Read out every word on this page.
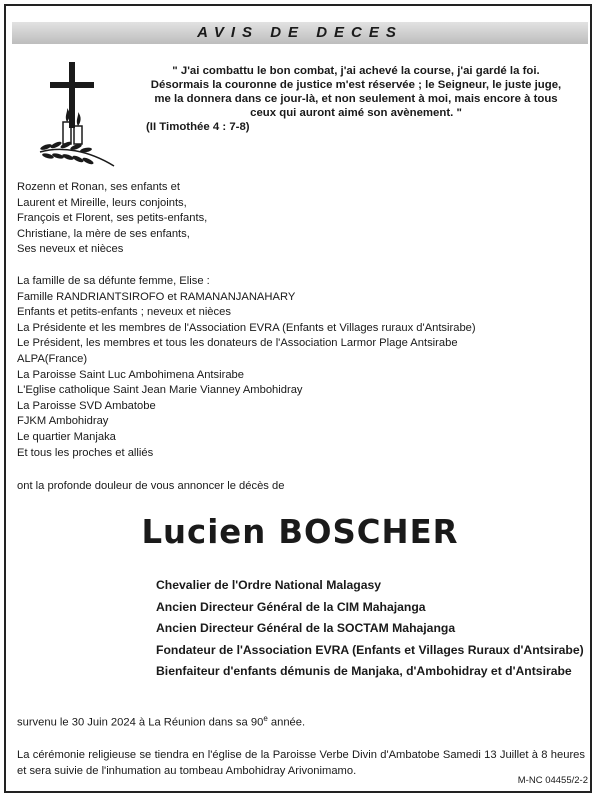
AVIS DE DECES
" J'ai combattu le bon combat, j'ai achevé la course, j'ai gardé la foi.
Désormais la couronne de justice m'est réservée ; le Seigneur, le juste juge,
me la donnera dans ce jour-là, et non seulement à moi, mais encore à tous
ceux qui auront aimé son avènement. "
(II Timothée 4 : 7-8)
Rozenn et Ronan, ses enfants et
Laurent et Mireille, leurs conjoints,
François et Florent, ses petits-enfants,
Christiane, la mère de ses enfants,
Ses neveux et nièces
La famille de sa défunte femme, Elise :
Famille RANDRIANTSIROFO et RAMANANJANAHARY
Enfants et petits-enfants ; neveux et nièces
La Présidente et les membres de l'Association EVRA (Enfants et Villages ruraux d'Antsirabe)
Le Président, les membres et tous les donateurs de l'Association Larmor Plage Antsirabe
ALPA(France)
La Paroisse Saint Luc Ambohimena Antsirabe
L'Eglise catholique Saint Jean Marie Vianney Ambohidray
La Paroisse SVD Ambatobe
FJKM Ambohidray
Le quartier Manjaka
Et tous les proches et alliés
ont la profonde douleur de vous annoncer le décès de
Lucien BOSCHER
Chevalier de l'Ordre National Malagasy
Ancien Directeur Général de la CIM Mahajanga
Ancien Directeur Général de la SOCTAM Mahajanga
Fondateur de l'Association EVRA (Enfants et Villages Ruraux d'Antsirabe)
Bienfaiteur d'enfants démunis de Manjaka, d'Ambohidray et d'Antsirabe
survenu le 30 Juin 2024 à La Réunion dans sa 90e année.
La cérémonie religieuse se tiendra en l'église de la Paroisse Verbe Divin d'Ambatobe Samedi 13 Juillet à 8 heures et sera suivie de l'inhumation au tombeau Ambohidray Arivonimamo.
M-NC 04455/2-2
